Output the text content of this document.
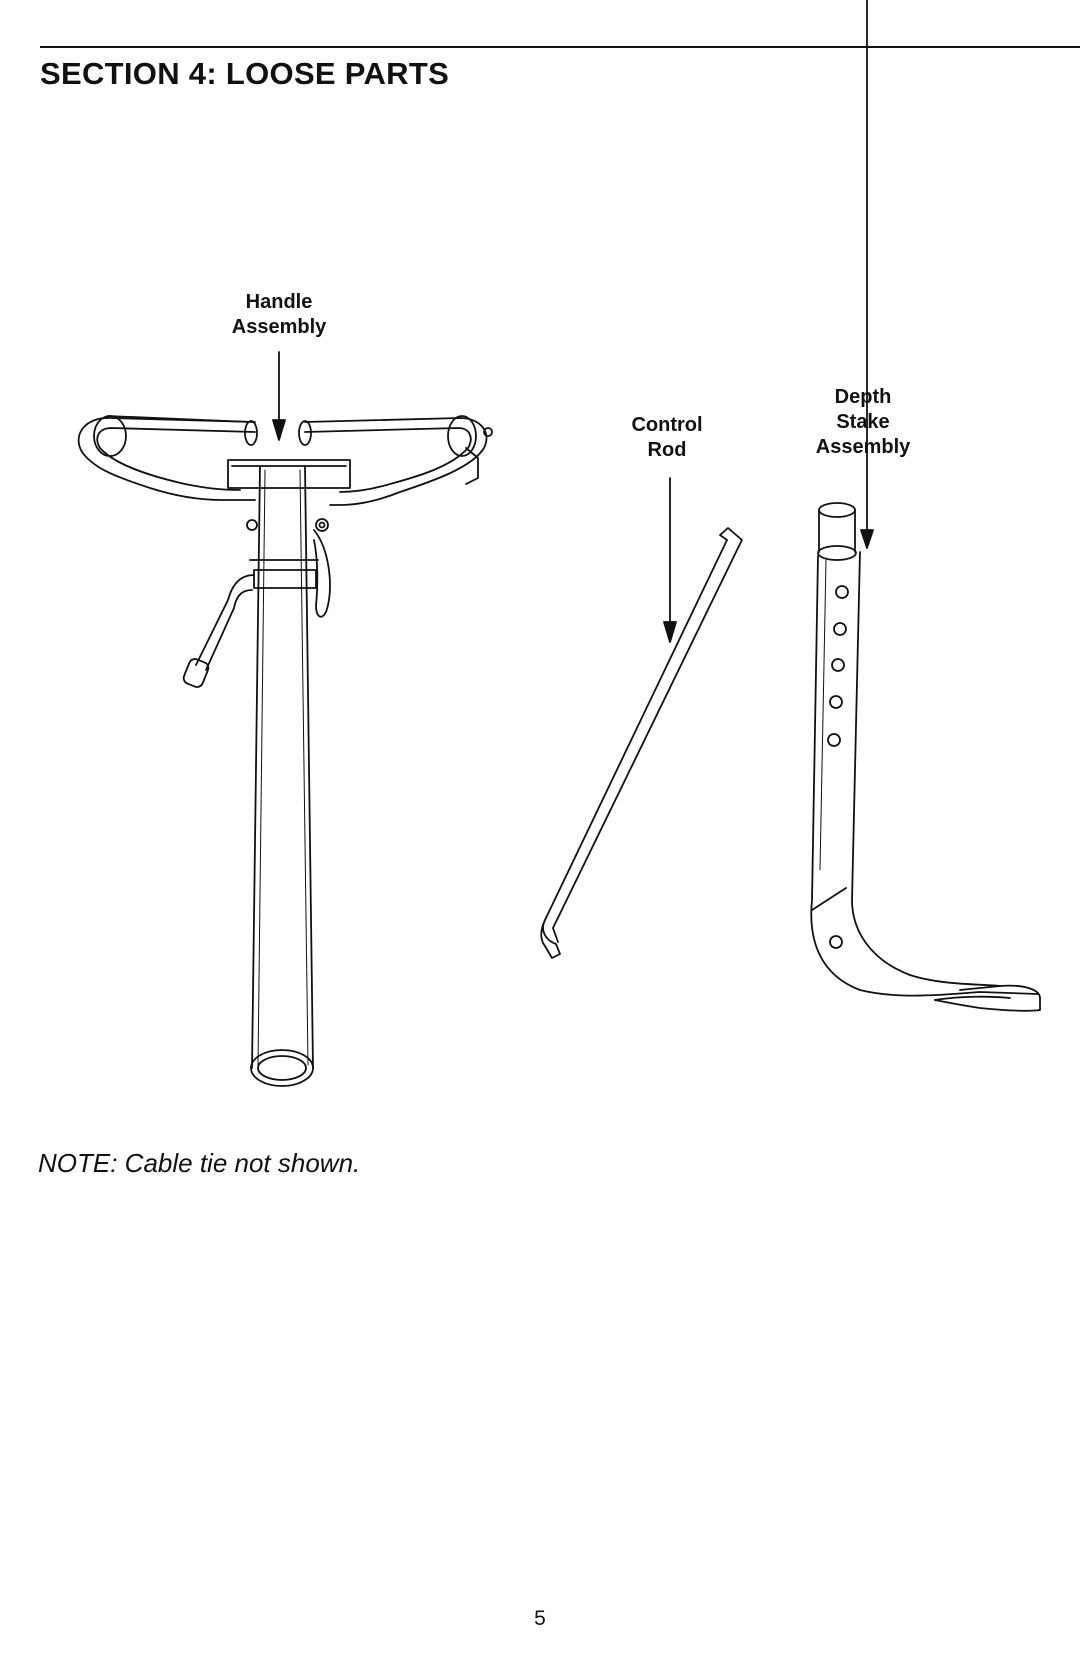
SECTION 4: LOOSE PARTS
Handle
Assembly
Control
Rod
Depth
Stake
Assembly
NOTE: Cable tie not shown.
5
